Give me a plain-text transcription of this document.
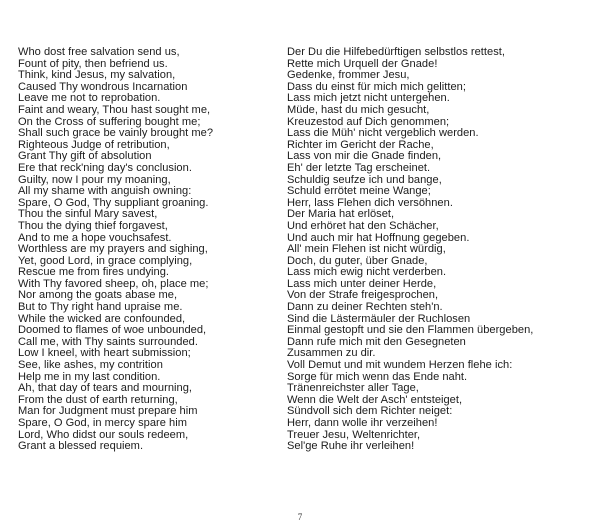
Who dost free salvation send us,
Fount of pity, then befriend us.
Think, kind Jesus, my salvation,
Caused Thy wondrous Incarnation
Leave me not to reprobation.
Faint and weary, Thou hast sought me,
On the Cross of suffering bought me;
Shall such grace be vainly brought me?
Righteous Judge of retribution,
Grant Thy gift of absolution
Ere that reck'ning day's conclusion.
Guilty, now I pour my moaning,
All my shame with anguish owning:
Spare, O God, Thy suppliant groaning.
Thou the sinful Mary savest,
Thou the dying thief forgavest,
And to me a hope vouchsafest.
Worthless are my prayers and sighing,
Yet, good Lord, in grace complying,
Rescue me from fires undying.
With Thy favored sheep, oh, place me;
Nor among the goats abase me,
But to Thy right hand upraise me.
While the wicked are confounded,
Doomed to flames of woe unbounded,
Call me, with Thy saints surrounded.
Low I kneel, with heart submission;
See, like ashes, my contrition
Help me in my last condition.
Ah, that day of tears and mourning,
From the dust of earth returning,
Man for Judgment must prepare him
Spare, O God, in mercy spare him
Lord, Who didst our souls redeem,
Grant a blessed requiem.
Der Du die Hilfebedürftigen selbstlos rettest,
Rette mich Urquell der Gnade!
Gedenke, frommer Jesu,
Dass du einst für mich mich gelitten;
Lass mich jetzt nicht untergehen.
Müde, hast du mich gesucht,
Kreuzestod auf Dich genommen;
Lass die Müh' nicht vergeblich werden.
Richter im Gericht der Rache,
Lass von mir die Gnade finden,
Eh' der letzte Tag erscheinet.
Schuldig seufze ich und bange,
Schuld errötet meine Wange;
Herr, lass Flehen dich versöhnen.
Der Maria hat erlöset,
Und erhöret hat den Schächer,
Und auch mir hat Hoffnung gegeben.
All' mein Flehen ist nicht würdig,
Doch, du guter, über Gnade,
Lass mich ewig nicht verderben.
Lass mich unter deiner Herde,
Von der Strafe freigesprochen,
Dann zu deiner Rechten steh'n.
Sind die Lästermäuler der Ruchlosen
Einmal gestopft und sie den Flammen übergeben,
Dann rufe mich mit den Gesegneten
Zusammen zu dir.
Voll Demut und mit wundem Herzen flehe ich:
Sorge für mich wenn das Ende naht.
Tränenreichster aller Tage,
Wenn die Welt der Asch' entsteiget,
Sündvoll sich dem Richter neiget:
Herr, dann wolle ihr verzeihen!
Treuer Jesu, Weltenrichter,
Sel'ge Ruhe ihr verleihen!
7
